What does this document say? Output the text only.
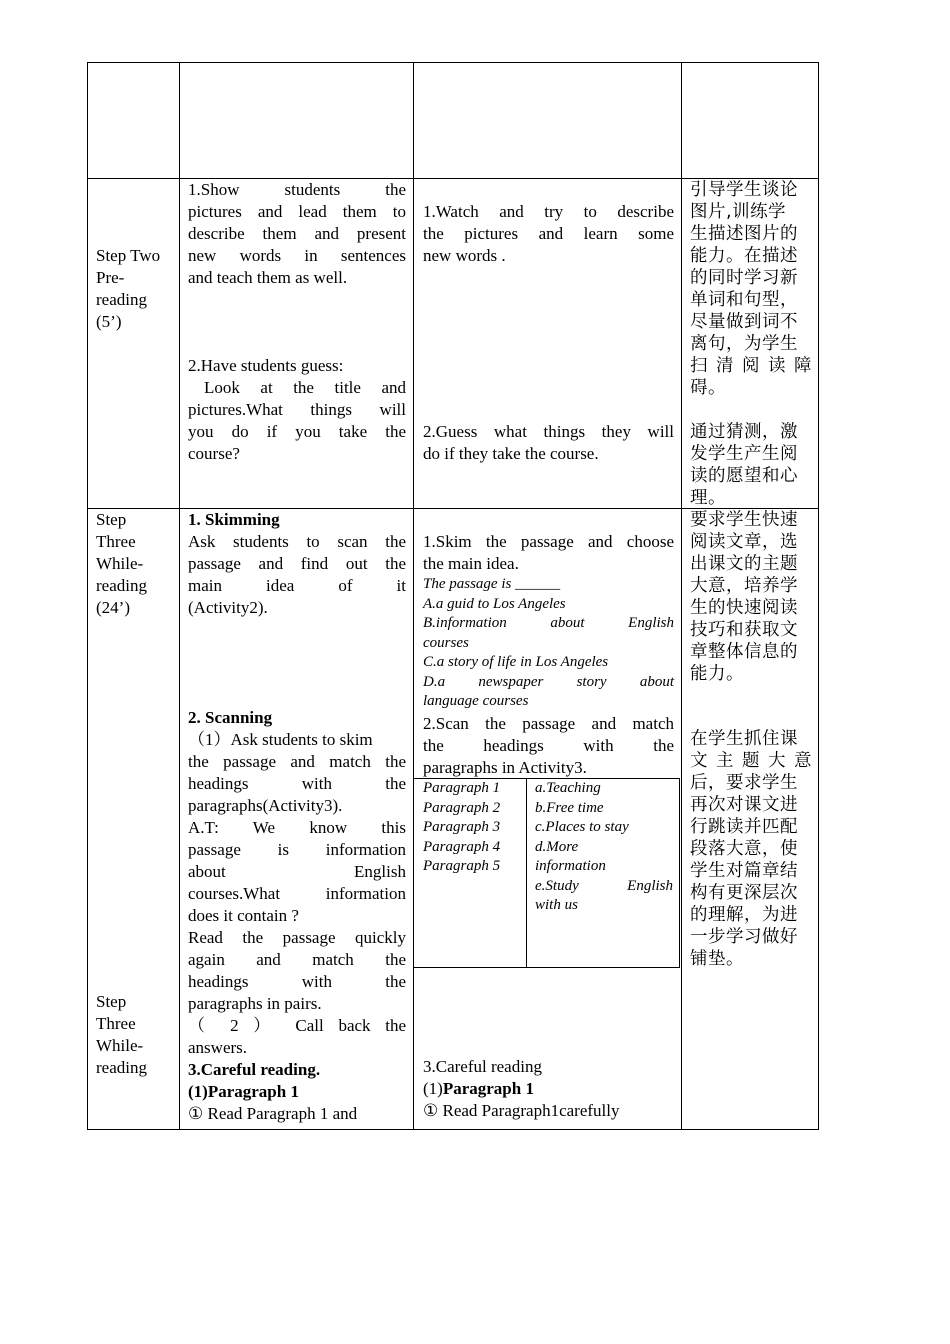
Step Two
Pre-
reading
(5’)
1.Show students the
pictures and lead them to
describe them and present
new words in sentences
and teach them as well.
2.Have students guess:
Look at the title and
pictures.What things will
you do if you take the
course?
1.Watch and try to describe
the pictures and learn some
new words .
2.Guess what things they will
do if they take the course.
引导学生谈论
图片,训练学
生描述图片的
能力。在描述
的同时学习新
单词和句型，
尽量做到词不
离句，为学生
扫清阅读障
碍。
通过猜测，激
发学生产生阅
读的愿望和心
理。
Step
Three
While-
reading
(24’)
Step
Three
While-
reading
1. Skimming
Ask students to scan the
passage and find out the
main idea of it
(Activity2).
2. Scanning
（1）Ask students to skim
the passage and match the
headings with the
paragraphs(Activity3).
A.T: We know this
passage is information
about English
courses.What information
does it contain ?
Read the passage quickly
again and match the
headings with the
paragraphs in pairs.
（ 2 ） Call back the
answers.
3.Careful reading.
(1)Paragraph 1
① Read Paragraph 1 and
1.Skim the passage and choose
the main idea.
The passage is ______
A.a guid to Los Angeles
B.information about English
courses
C.a story of life in Los Angeles
D.a newspaper story about
language courses
2.Scan the passage and match
the headings with the
paragraphs in Activity3.
Paragraph 1
Paragraph 2
Paragraph 3
Paragraph 4
Paragraph 5
a.Teaching
b.Free time
c.Places to stay
d.More
information
e.Study English
with us
3.Careful reading
(1)Paragraph 1
① Read Paragraph1carefully
要求学生快速
阅读文章，选
出课文的主题
大意，培养学
生的快速阅读
技巧和获取文
章整体信息的
能力。
在学生抓住课
文主题大意
后，要求学生
再次对课文进
行跳读并匹配
段落大意，使
学生对篇章结
构有更深层次
的理解，为进
一步学习做好
铺垫。
